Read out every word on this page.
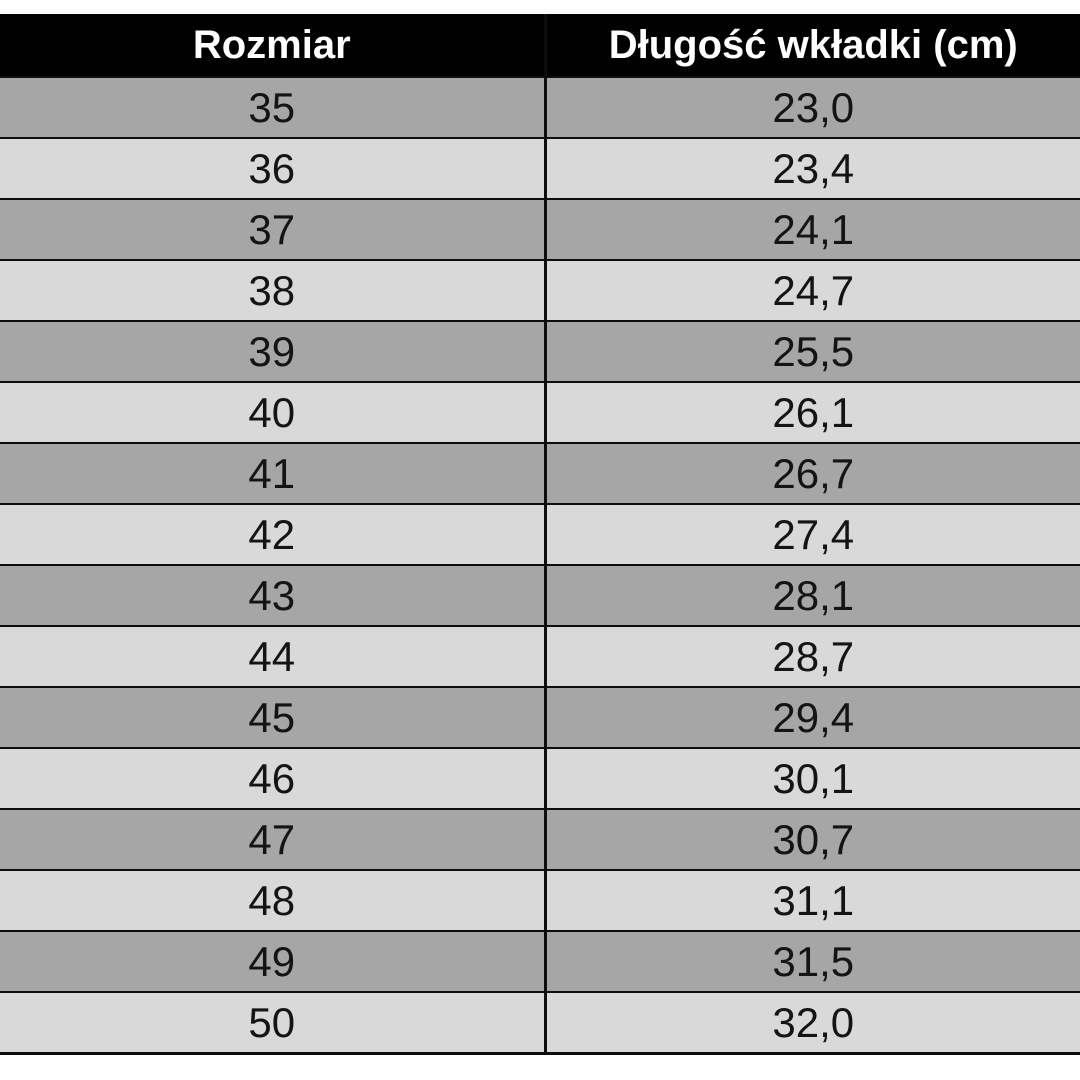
Rozmiar	Długość wkładki (cm)
35	23,0
36	23,4
37	24,1
38	24,7
39	25,5
40	26,1
41	26,7
42	27,4
43	28,1
44	28,7
45	29,4
46	30,1
47	30,7
48	31,1
49	31,5
50	32,0
